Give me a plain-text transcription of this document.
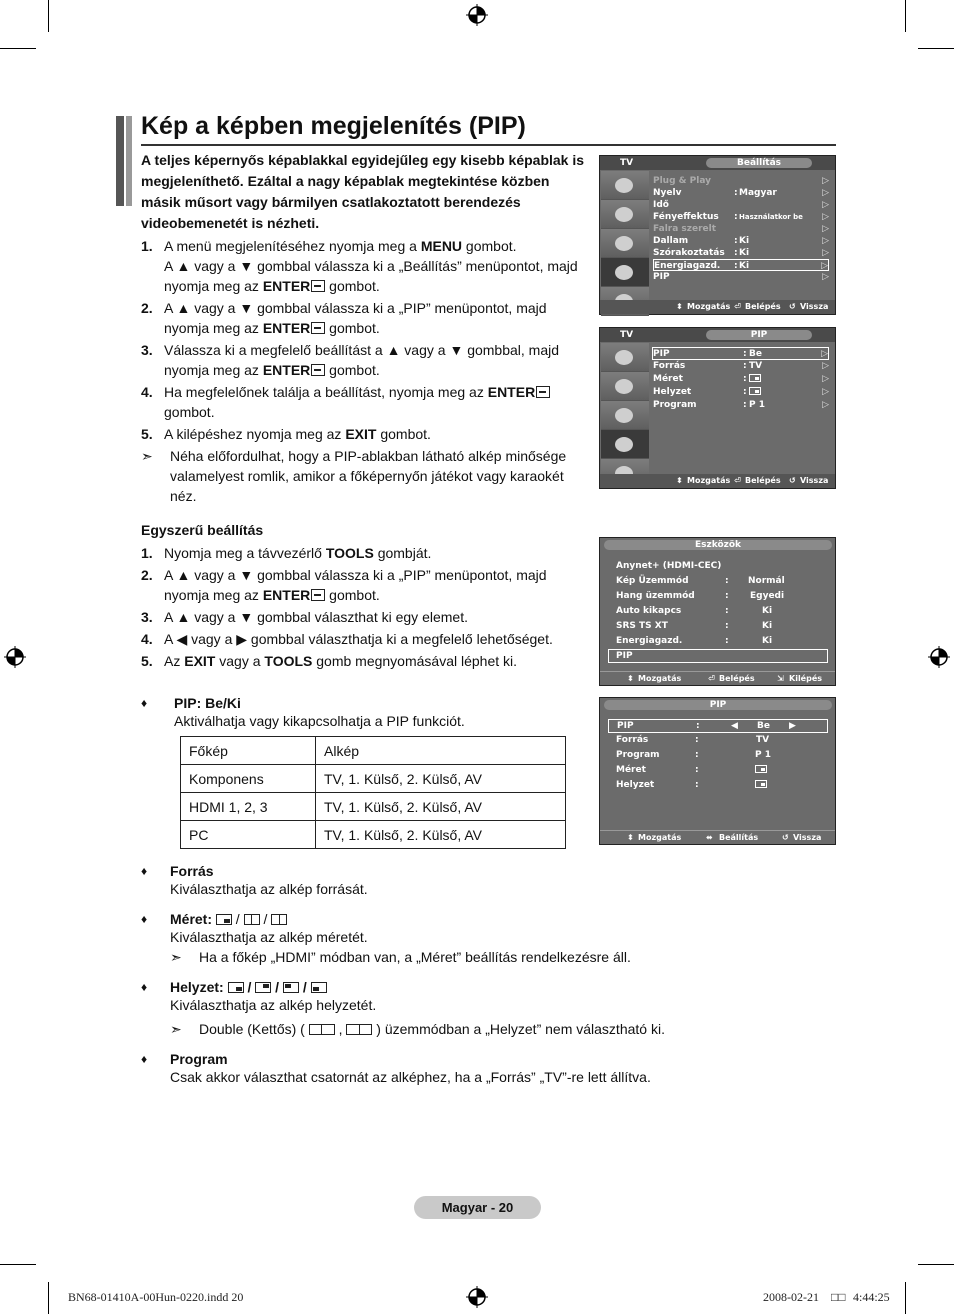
Kép a képben megjelenítés (PIP)
A teljes képernyős képablakkal egyidejűleg egy kisebb képablak is megjeleníthető. Ezáltal a nagy képablak megtekintése közben másik műsort vagy bármilyen csatlakoztatott berendezés videobemenetét is nézheti.
1. A menü megjelenítéséhez nyomja meg a MENU gombot.
A ▲ vagy a ▼ gombbal válassza ki a „Beállítás” menüpontot, majd nyomja meg az ENTER gombot.
2. A ▲ vagy a ▼ gombbal válassza ki a „PIP” menüpontot, majd nyomja meg az ENTER gombot.
3. Válassza ki a megfelelő beállítást a ▲ vagy a ▼ gombbal, majd nyomja meg az ENTER gombot.
4. Ha megfelelőnek találja a beállítást, nyomja meg az ENTER gombot.
5. A kilépéshez nyomja meg az EXIT gombot.
➣ Néha előfordulhat, hogy a PIP-ablakban látható alkép minősége valamelyest romlik, amikor a főképernyőn játékot vagy karaokét néz.
Egyszerű beállítás
1. Nyomja meg a távvezérlő TOOLS gombját.
2. A ▲ vagy a ▼ gombbal válassza ki a „PIP” menüpontot, majd nyomja meg az ENTER gombot.
3. A ▲ vagy a ▼ gombbal választhat ki egy elemet.
4. A ◀ vagy a ▶ gombbal választhatja ki a megfelelő lehetőséget.
5. Az EXIT vagy a TOOLS gomb megnyomásával léphet ki.
♦ PIP: Be/Ki
Aktiválhatja vagy kikapcsolhatja a PIP funkciót.
Főkép	Alkép
Komponens	TV, 1. Külső, 2. Külső, AV
HDMI 1, 2, 3	TV, 1. Külső, 2. Külső, AV
PC	TV, 1. Külső, 2. Külső, AV
♦ Forrás
Kiválaszthatja az alkép forrását.
♦ Méret: / /
Kiválaszthatja az alkép méretét.
➣ Ha a főkép „HDMI” módban van, a „Méret” beállítás rendelkezésre áll.
♦ Helyzet: / / /
Kiválaszthatja az alkép helyzetét.
➣ Double (Kettős) ( , ) üzemmódban a „Helyzet” nem választható ki.
♦ Program
Csak akkor választhat csatornát az alképhez, ha a „Forrás” „TV”-re lett állítva.
TV	Beállítás
Plug & Play	▷
Nyelv	: Magyar	▷
Idő	▷
Fényeffektus : Használatkor be ▷
Falra szerelt	▷
Dallam	: Ki	▷
Szórakoztatás : Ki	▷
Energiagazd. : Ki	▷
PIP	▷
⬍ Mozgatás ⏎ Belépés ↺ Vissza
TV	PIP
PIP	: Be	▷
Forrás	: TV	▷
Méret	:	▷
Helyzet	:	▷
Program	: P 1	▷
⬍ Mozgatás ⏎ Belépés ↺ Vissza
Eszközök
Anynet+ (HDMI-CEC)
Kép Üzemmód	: Normál
Hang üzemmód	: Egyedi
Auto kikapcs	:	Ki
SRS TS XT	:	Ki
Energiagazd.	:	Ki
PIP
⬍ Mozgatás	⏎ Belépés	⇲ Kilépés
PIP
PIP	:	◀ Be ▶
Forrás	:	TV
Program	:	P 1
Méret	:
Helyzet	:
⬍ Mozgatás	⬌ Beállítás	↺ Vissza
Magyar - 20
BN68-01410A-00Hun-0220.indd 20	2008-02-21 □□ 4:44:25
